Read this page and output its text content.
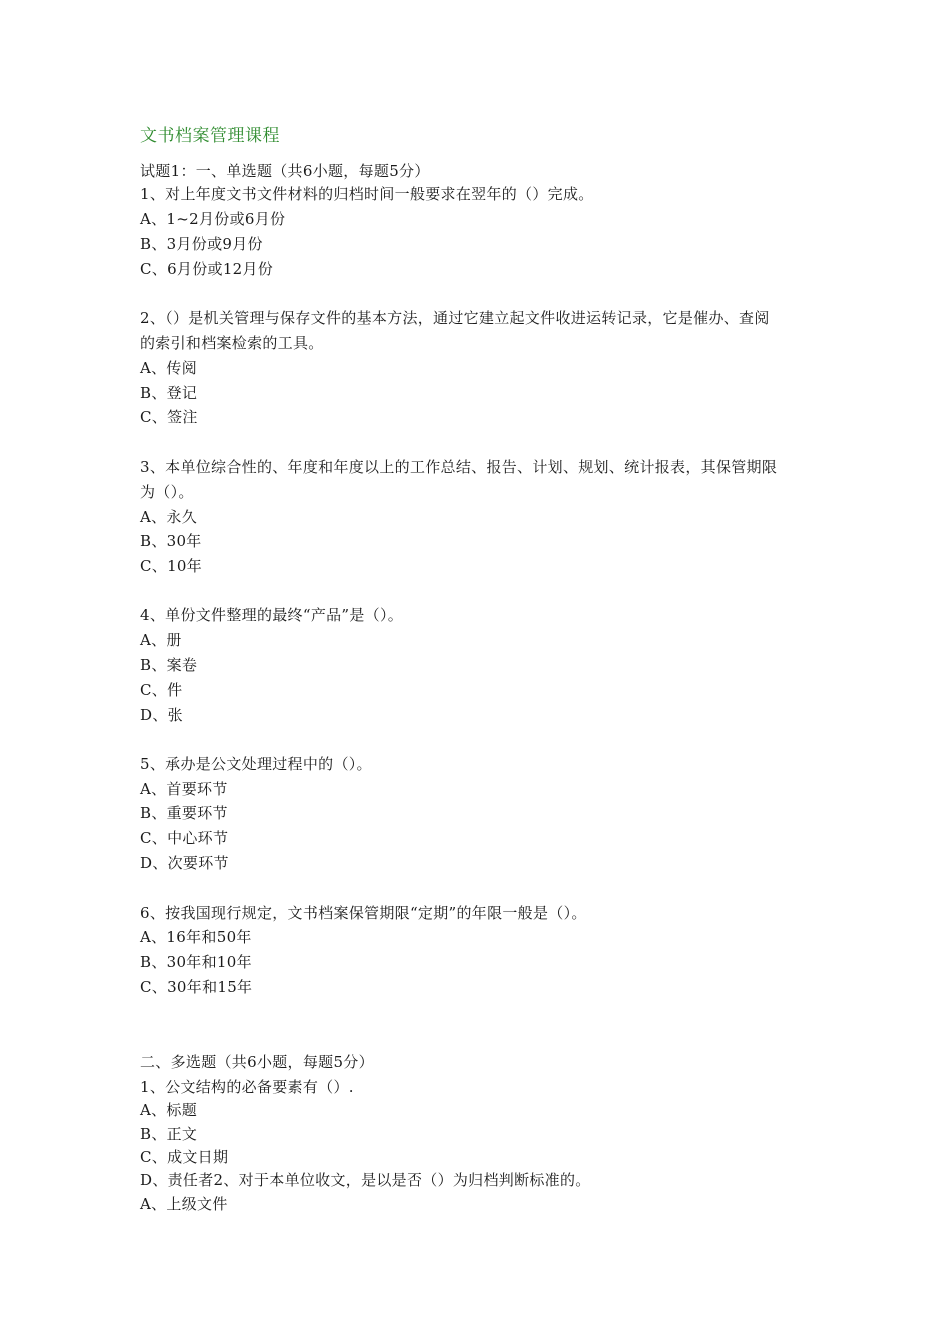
文书档案管理课程
试题1：一、单选题（共6小题，每题5分）
1、对上年度文书文件材料的归档时间一般要求在翌年的（）完成。
A、1~2月份或6月份
B、3月份或9月份
C、6月份或12月份
2、（）是机关管理与保存文件的基本方法，通过它建立起文件收进运转记录，它是催办、查阅
的索引和档案检索的工具。
A、传阅
B、登记
C、签注
3、本单位综合性的、年度和年度以上的工作总结、报告、计划、规划、统计报表，其保管期限
为（）。
A、永久
B、30年
C、10年
4、单份文件整理的最终“产品”是（）。
A、册
B、案卷
C、件
D、张
5、承办是公文处理过程中的（）。
A、首要环节
B、重要环节
C、中心环节
D、次要环节
6、按我国现行规定，文书档案保管期限“定期”的年限一般是（）。
A、16年和50年
B、30年和10年
C、30年和15年
二、多选题（共6小题，每题5分）
1、公文结构的必备要素有（）.
A、标题
B、正文
C、成文日期
D、责任者2、对于本单位收文，是以是否（）为归档判断标准的。
A、上级文件
